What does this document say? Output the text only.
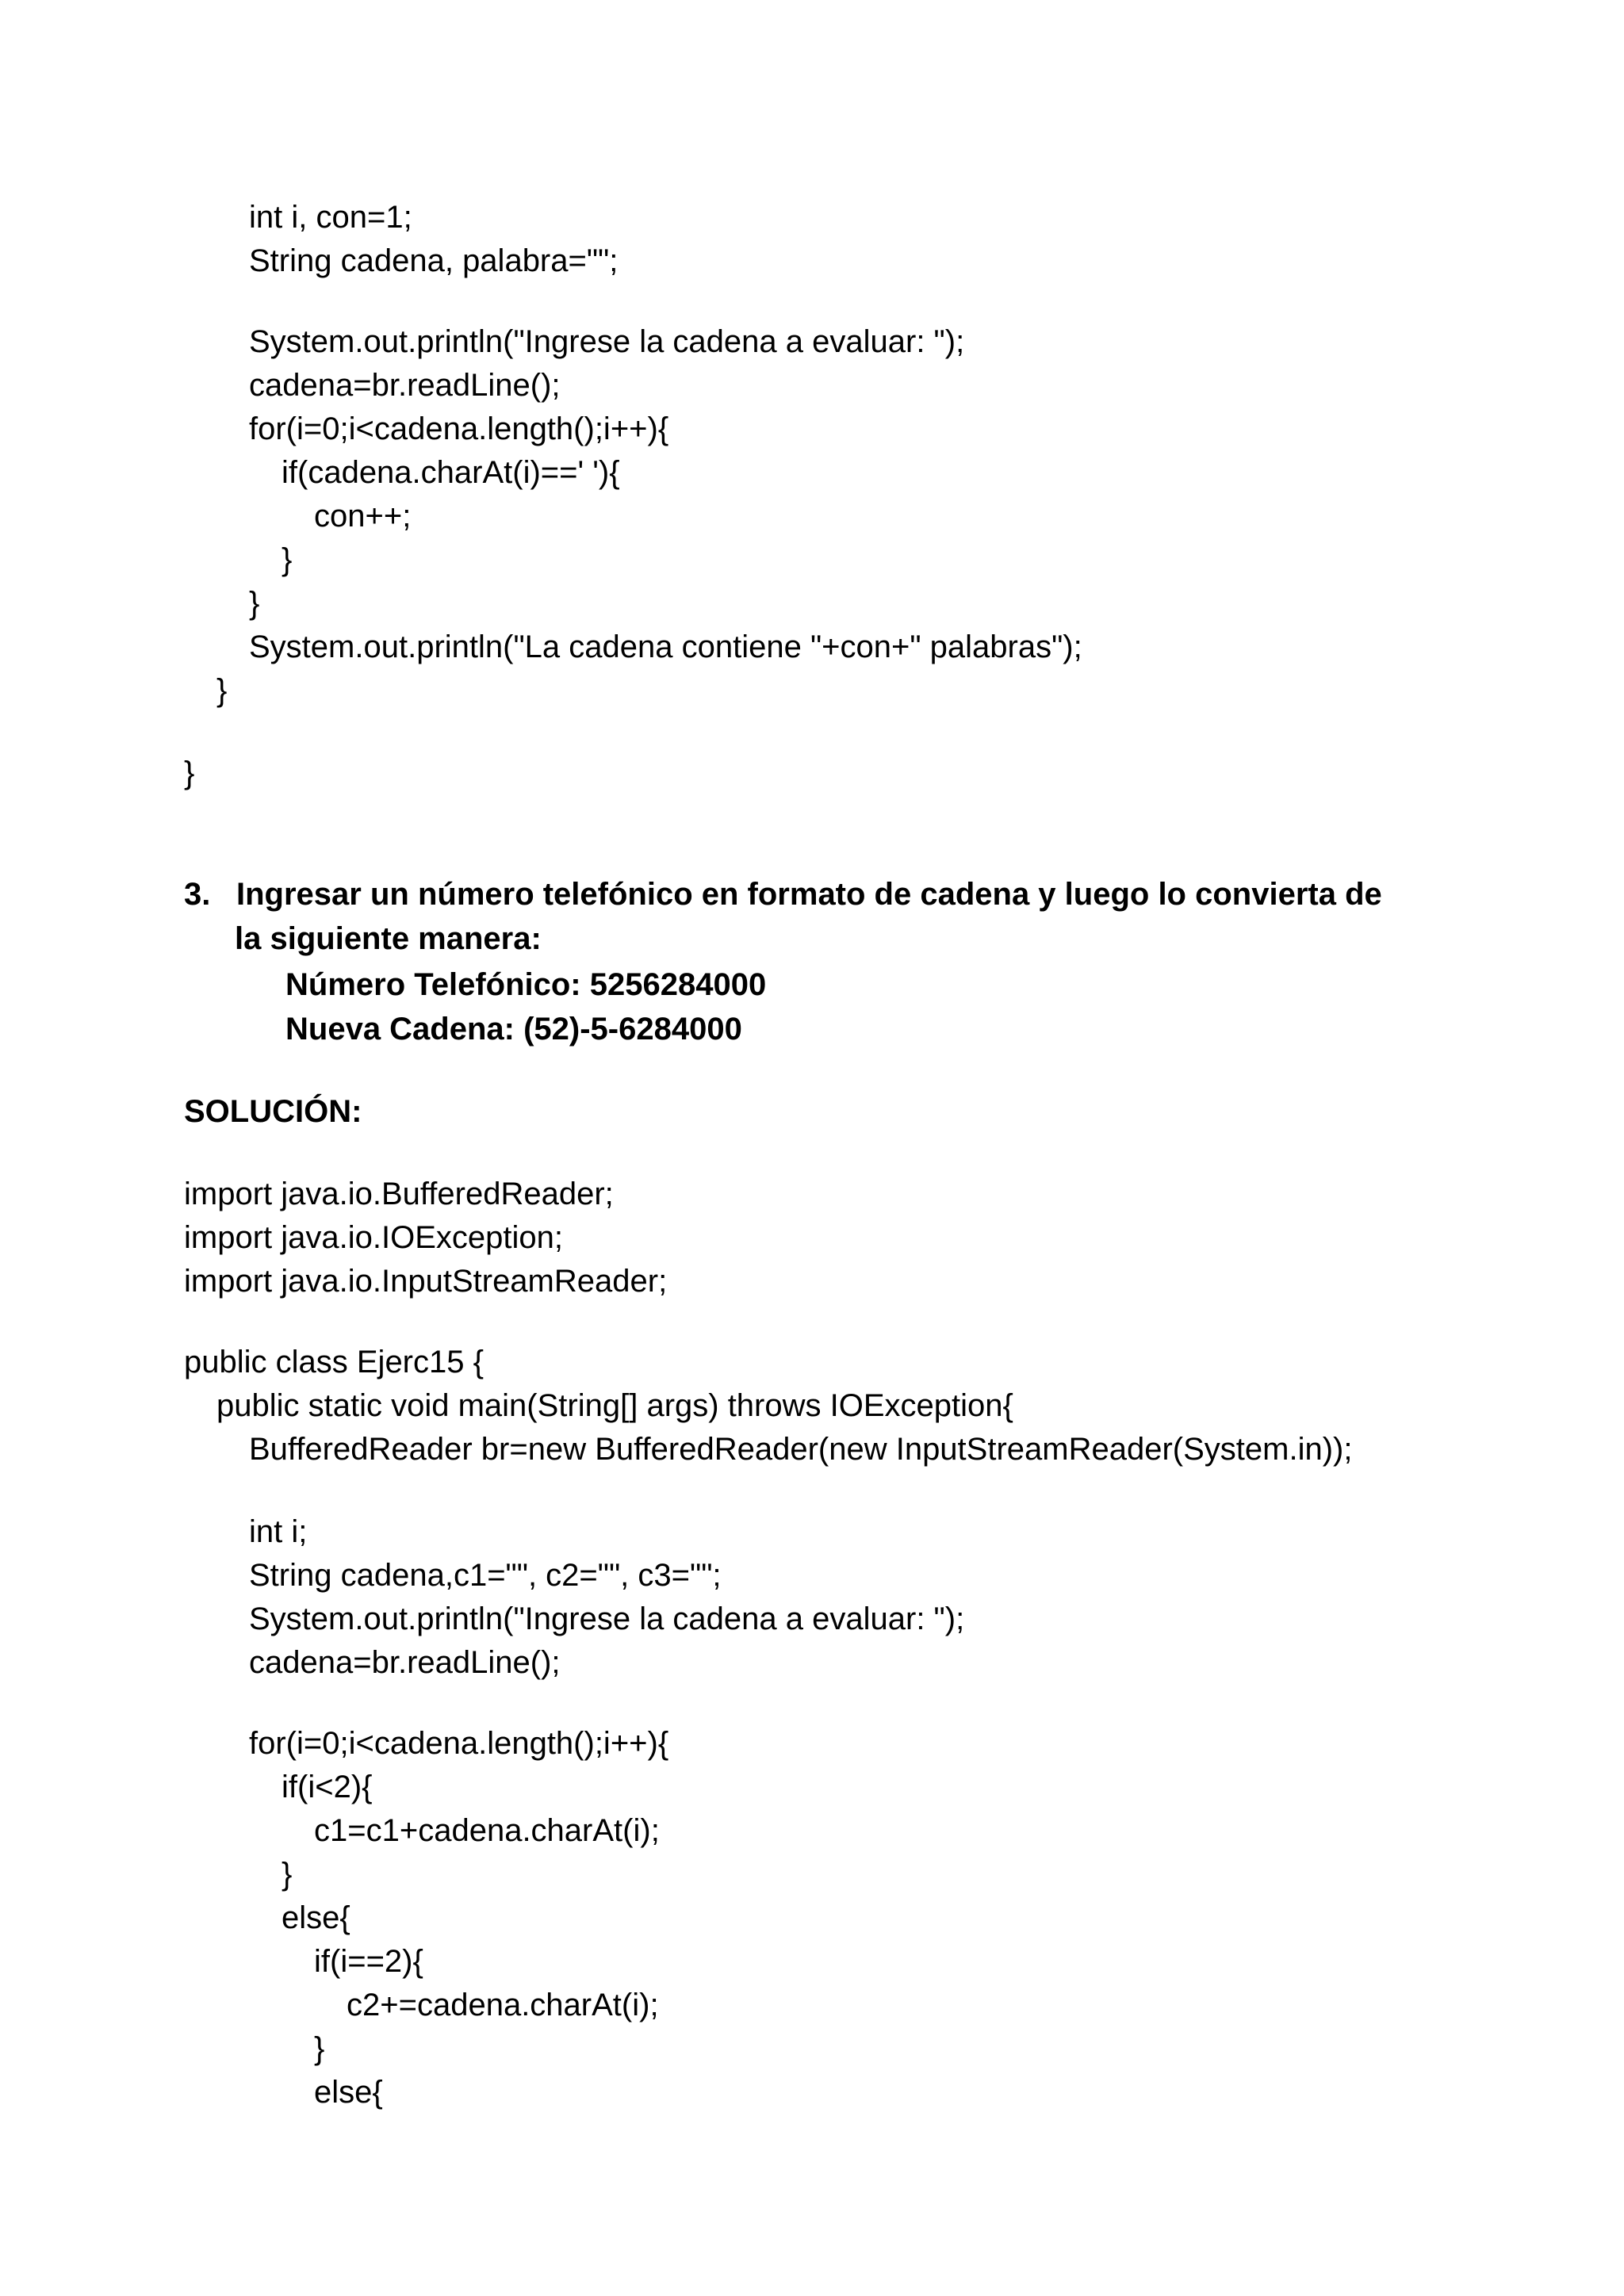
int i, con=1;
String cadena, palabra="";
System.out.println("Ingrese la cadena a evaluar: ");
cadena=br.readLine();
for(i=0;i<cadena.length();i++){
if(cadena.charAt(i)==' '){
con++;
}
}
System.out.println("La cadena contiene "+con+" palabras");
}
}
3. Ingresar un número telefónico en formato de cadena y luego lo convierta de
la siguiente manera:
Número Telefónico: 5256284000
Nueva Cadena: (52)-5-6284000
SOLUCIÓN:
import java.io.BufferedReader;
import java.io.IOException;
import java.io.InputStreamReader;
public class Ejerc15 {
public static void main(String[] args) throws IOException{
BufferedReader br=new BufferedReader(new InputStreamReader(System.in));
int i;
String cadena,c1="", c2="", c3="";
System.out.println("Ingrese la cadena a evaluar: ");
cadena=br.readLine();
for(i=0;i<cadena.length();i++){
if(i<2){
c1=c1+cadena.charAt(i);
}
else{
if(i==2){
c2+=cadena.charAt(i);
}
else{
